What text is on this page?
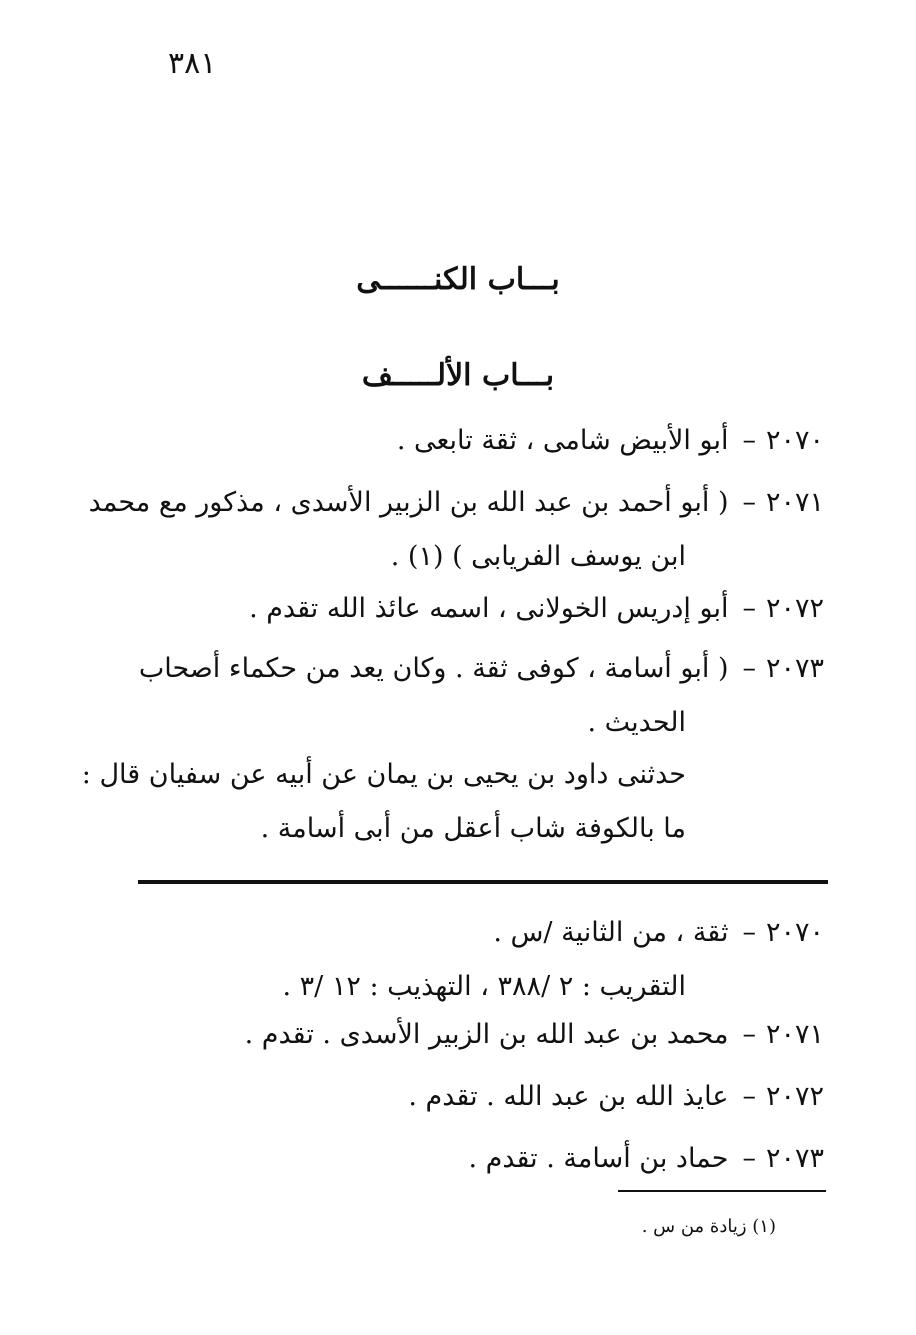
٣٨١
بـــاب الكنــــــى
بـــاب الألـــــف
٢٠٧٠–أبو الأبيض شامى ، ثقة تابعى .
٢٠٧١–( أبو أحمد بن عبد الله بن الزبير الأسدى ، مذكور مع محمد
ابن يوسف الفريابى ) (١) .
٢٠٧٢–أبو إدريس الخولانى ، اسمه عائذ الله تقدم .
٢٠٧٣–( أبو أسامة ، كوفى ثقة . وكان يعد من حكماء أصحاب
الحديث .
حدثنى داود بن يحيى بن يمان عن أبيه عن سفيان قال :
ما بالكوفة شاب أعقل من أبى أسامة .
٢٠٧٠–ثقة ، من الثانية /س .
التقريب : ٢ /٣٨٨ ، التهذيب : ١٢ /٣ .
٢٠٧١–محمد بن عبد الله بن الزبير الأسدى . تقدم .
٢٠٧٢–عايذ الله بن عبد الله . تقدم .
٢٠٧٣–حماد بن أسامة . تقدم .
(١) زيادة من س .
